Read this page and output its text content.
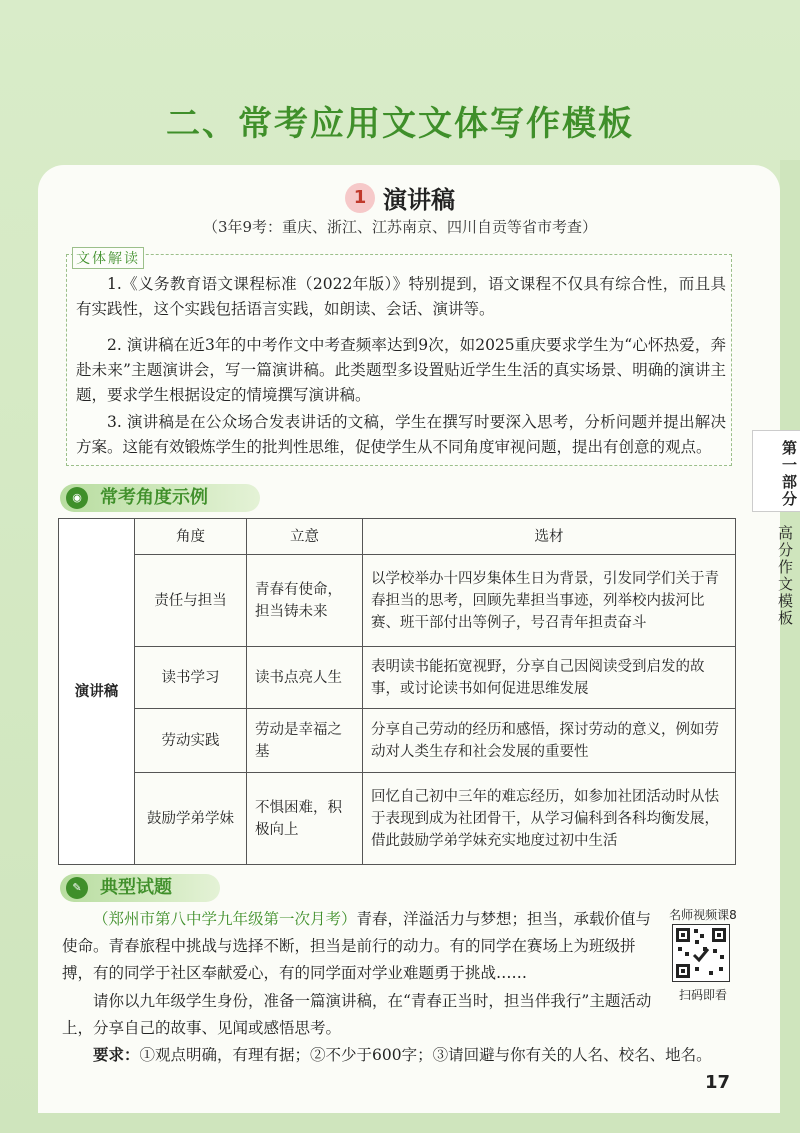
二、常考应用文文体写作模板
1 演讲稿
（3年9考：重庆、浙江、江苏南京、四川自贡等省市考查）
文体解读
1.《义务教育语文课程标准（2022年版）》特别提到，语文课程不仅具有综合性，而且具有实践性，这个实践包括语言实践，如朗读、会话、演讲等。
2. 演讲稿在近3年的中考作文中考查频率达到9次，如2025重庆要求学生为“心怀热爱，奔赴未来”主题演讲会，写一篇演讲稿。此类题型多设置贴近学生生活的真实场景、明确的演讲主题，要求学生根据设定的情境撰写演讲稿。
3. 演讲稿是在公众场合发表讲话的文稿，学生在撰写时要深入思考，分析问题并提出解决方案。这能有效锻炼学生的批判性思维，促使学生从不同角度审视问题，提出有创意的观点。	第一部分
高分作文模板
◉	常考角度示例
演讲稿	角度	立意	选材
	责任与担当	青春有使命，担当铸未来	以学校举办十四岁集体生日为背景，引发同学们关于青春担当的思考，回顾先辈担当事迹，列举校内拔河比赛、班干部付出等例子，号召青年担责奋斗
	读书学习	读书点亮人生	表明读书能拓宽视野，分享自己因阅读受到启发的故事，或讨论读书如何促进思维发展
	劳动实践	劳动是幸福之基	分享自己劳动的经历和感悟，探讨劳动的意义，例如劳动对人类生存和社会发展的重要性
	鼓励学弟学妹	不惧困难，积极向上	回忆自己初中三年的难忘经历，如参加社团活动时从怯于表现到成为社团骨干，从学习偏科到各科均衡发展，借此鼓励学弟学妹充实地度过初中生活
✎	典型试题
（郑州市第八中学九年级第一次月考）青春，洋溢活力与梦想；担当，承载价值与使命。青春旅程中挑战与选择不断，担当是前行的动力。有的同学在赛场上为班级拼搏，有的同学于社区奉献爱心，有的同学面对学业难题勇于挑战……
请你以九年级学生身份，准备一篇演讲稿，在“青春正当时，担当伴我行”主题活动上，分享自己的故事、见闻或感悟思考。
要求：①观点明确，有理有据；②不少于600字；③请回避与你有关的人名、校名、地名。
名师视频课8
扫码即看
17
